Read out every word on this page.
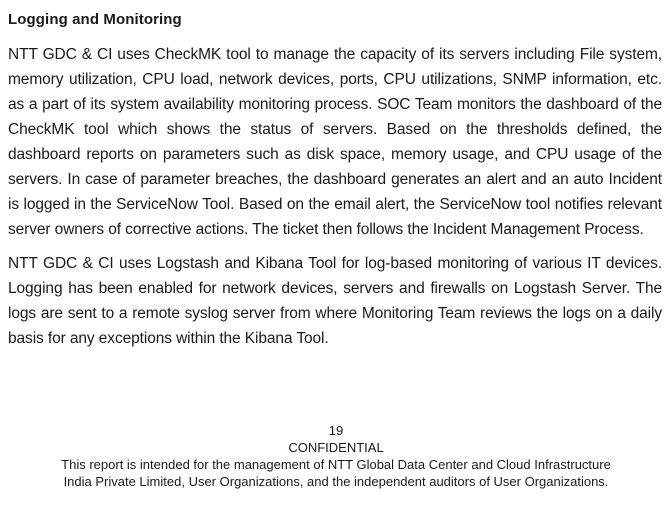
Logging and Monitoring

NTT GDC & CI uses CheckMK tool to manage the capacity of its servers including File system, memory utilization, CPU load, network devices, ports, CPU utilizations, SNMP information, etc. as a part of its system availability monitoring process. SOC Team monitors the dashboard of the CheckMK tool which shows the status of servers. Based on the thresholds defined, the dashboard reports on parameters such as disk space, memory usage, and CPU usage of the servers. In case of parameter breaches, the dashboard generates an alert and an auto Incident is logged in the ServiceNow Tool. Based on the email alert, the ServiceNow tool notifies relevant server owners of corrective actions. The ticket then follows the Incident Management Process.

NTT GDC & CI uses Logstash and Kibana Tool for log-based monitoring of various IT devices. Logging has been enabled for network devices, servers and firewalls on Logstash Server. The logs are sent to a remote syslog server from where Monitoring Team reviews the logs on a daily basis for any exceptions within the Kibana Tool.

19
CONFIDENTIAL
This report is intended for the management of NTT Global Data Center and Cloud Infrastructure
India Private Limited, User Organizations, and the independent auditors of User Organizations.
